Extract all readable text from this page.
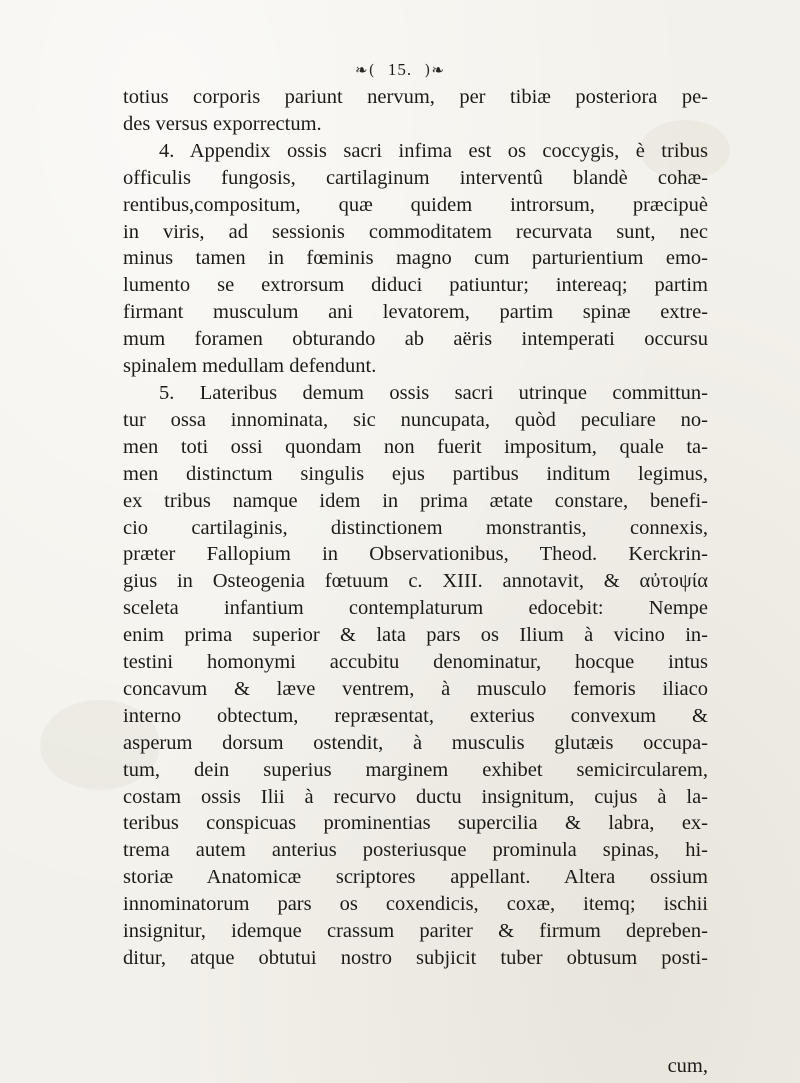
❧( 15. )❧
totius corporis pariunt nervum, per tibiæ posteriora pe-
des versus exporrectum.
4. Appendix ossis sacri infima est os coccygis, è tribus
officulis fungosis, cartilaginum interventû blandè cohæ-
rentibus,compositum, quæ quidem introrsum, præcipuè
in viris, ad sessionis commoditatem recurvata sunt, nec
minus tamen in fœminis magno cum parturientium emo-
lumento se extrorsum diduci patiuntur; intereaq; partim
firmant musculum ani levatorem, partim spinæ extre-
mum foramen obturando ab aëris intemperati occursu
spinalem medullam defendunt.
5. Lateribus demum ossis sacri utrinque committun-
tur ossa innominata, sic nuncupata, quòd peculiare no-
men toti ossi quondam non fuerit impositum, quale ta-
men distinctum singulis ejus partibus inditum legimus,
ex tribus namque idem in prima ætate constare, benefi-
cio cartilaginis, distinctionem monstrantis, connexis,
præter Fallopium in Observationibus, Theod. Kerckrin-
gius in Osteogenia fœtuum c. XIII. annotavit, & αὐτοψία
sceleta infantium contemplaturum edocebit: Nempe
enim prima superior & lata pars os Ilium à vicino in-
testini homonymi accubitu denominatur, hocque intus
concavum & læve ventrem, à musculo femoris iliaco
interno obtectum, repræsentat, exterius convexum &
asperum dorsum ostendit, à musculis glutæis occupa-
tum, dein superius marginem exhibet semicircularem,
costam ossis Ilii à recurvo ductu insignitum, cujus à la-
teribus conspicuas prominentias supercilia & labra, ex-
trema autem anterius posteriusque prominula spinas, hi-
storiæ Anatomicæ scriptores appellant. Altera ossium
innominatorum pars os coxendicis, coxæ, itemq; ischii
insignitur, idemque crassum pariter & firmum depreben-
ditur, atque obtutui nostro subjicit tuber obtusum posti-
cum,
